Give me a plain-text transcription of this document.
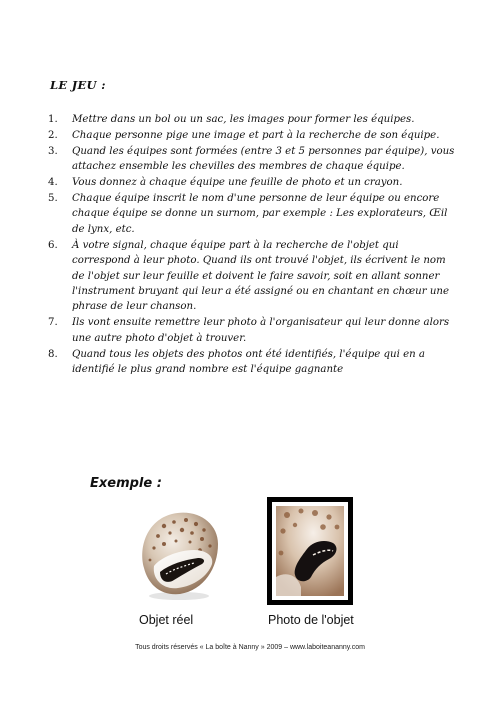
LE JEU :
1. Mettre dans un bol ou un sac, les images pour former les équipes.
2. Chaque personne pige une image et part à la recherche de son équipe.
3. Quand les équipes sont formées (entre 3 et 5 personnes par équipe), vous attachez ensemble les chevilles des membres de chaque équipe.
4. Vous donnez à chaque équipe une feuille de photo et un crayon.
5. Chaque équipe inscrit le nom d'une personne de leur équipe ou encore chaque équipe se donne un surnom, par exemple : Les explorateurs, Œil de lynx, etc.
6. À votre signal, chaque équipe part à la recherche de l'objet qui correspond à leur photo. Quand ils ont trouvé l'objet, ils écrivent le nom de l'objet sur leur feuille et doivent le faire savoir, soit en allant sonner l'instrument bruyant qui leur a été assigné ou en chantant en chœur une phrase de leur chanson.
7. Ils vont ensuite remettre leur photo à l'organisateur qui leur donne alors une autre photo d'objet à trouver.
8. Quand tous les objets des photos ont été identifiés, l'équipe qui en a identifié le plus grand nombre est l'équipe gagnante
Exemple :
Objet réel	Photo de l'objet
Tous droits réservés « La boîte à Nanny » 2009 – www.laboiteananny.com
